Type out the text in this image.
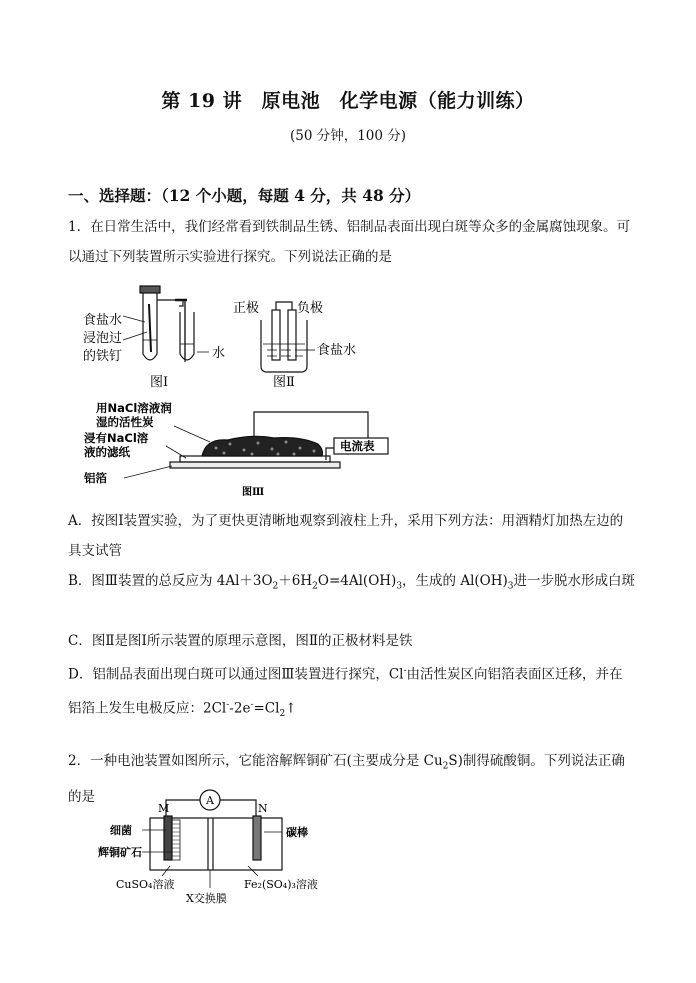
第 19 讲　原电池　化学电源（能力训练）
(50 分钟，100 分)
一、选择题：（12 个小题，每题 4 分，共 48 分）
1．在日常生活中，我们经常看到铁制品生锈、铝制品表面出现白斑等众多的金属腐蚀现象。可以通过下列装置所示实验进行探究。下列说法正确的是
食盐水
浸泡过
的铁钉	水
图Ⅰ
正极	负极
食盐水
图Ⅱ
用NaCl溶液润
湿的活性炭
浸有NaCl溶
液的滤纸
铝箔
电流表
图Ⅲ
A．按图Ⅰ装置实验，为了更快更清晰地观察到液柱上升，采用下列方法：用酒精灯加热左边的具支试管
B．图Ⅲ装置的总反应为 $4Al+3O_2+6H_2O=4Al(OH)_3$，生成的 $Al(OH)_3$进一步脱水形成白斑
C．图Ⅱ是图Ⅰ所示装置的原理示意图，图Ⅱ的正极材料是铁
D．铝制品表面出现白斑可以通过图Ⅲ装置进行探究，Cl-由活性炭区向铝箔表面区迁移，并在铝箔上发生电极反应：$2Cl^--2e^-=Cl_2↑$
2．一种电池装置如图所示，它能溶解辉铜矿石(主要成分是 $Cu_2S$)制得硫酸铜。下列说法正确的是
M	N
A
细菌
辉铜矿石
碳棒
CuSO₄溶液
X交换膜
Fe₂(SO₄)₃溶液
